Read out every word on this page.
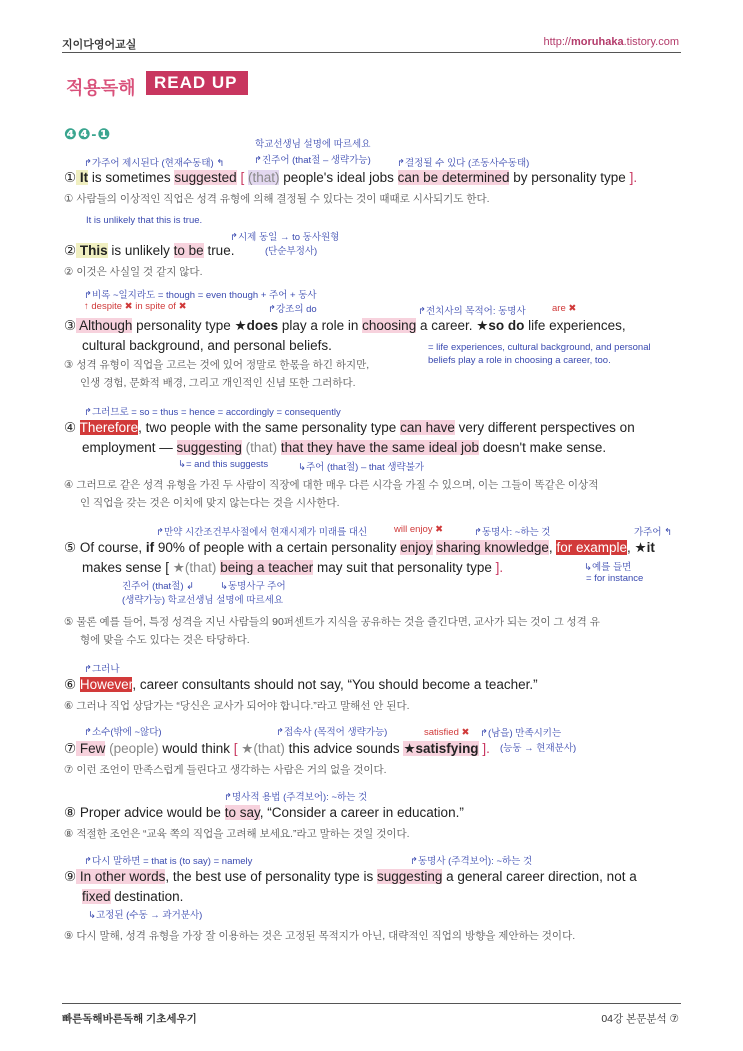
지이다영어교실	http://moruhaka.tistory.com
적용독해	READ UP
❹❹-❶
학교선생님 설명에 따르세요
↱가주어 제시된다 (현재수동태) ↰	↱진주어 (that절 – 생략가능)	↱결정될 수 있다 (조동사수동태)
① It is sometimes suggested [ (that) people's ideal jobs can be determined by personality type ].
① 사람들의 이상적인 직업은 성격 유형에 의해 결정될 수 있다는 것이 때때로 시사되기도 한다.
It is unlikely that this is true.
↱시제 동일 → to 동사원형
(단순부정사)
② This is unlikely to be true.
② 이것은 사실일 것 같지 않다.
↱비록 ~일지라도 = though = even though + 주어 + 동사
↑ despite ✖ in spite of ✖	↱강조의 do	↱전치사의 목적어: 동명사	are ✖
③ Although personality type ★does play a role in choosing a career. ★so do life experiences,
cultural background, and personal beliefs.	= life experiences, cultural background, and personal
beliefs play a role in choosing a career, too.
③ 성격 유형이 직업을 고르는 것에 있어 정말로 한몫을 하긴 하지만,
인생 경험, 문화적 배경, 그리고 개인적인 신념 또한 그러하다.
↱그러므로 = so = thus = hence = accordingly = consequently
④ Therefore, two people with the same personality type can have very different perspectives on
employment — suggesting (that) that they have the same ideal job doesn't make sense.
↳= and this suggests	↳주어 (that절) – that 생략불가
④ 그러므로 같은 성격 유형을 가진 두 사람이 직장에 대한 매우 다른 시각을 가질 수 있으며, 이는 그들이 똑같은 이상적
인 직업을 갖는 것은 이치에 맞지 않는다는 것을 시사한다.
↱만약 시간조건부사절에서 현재시제가 미래를 대신	will enjoy ✖	↱동명사: ~하는 것	가주어 ↰
⑤ Of course, if 90% of people with a certain personality enjoy sharing knowledge, for example, ★it
makes sense [ ★(that) being a teacher may suit that personality type ].	↳예를 들면
= for instance
진주어 (that절) ↲	↳동명사구 주어
(생략가능) 학교선생님 설명에 따르세요
⑤ 물론 예를 들어, 특정 성격을 지닌 사람들의 90퍼센트가 지식을 공유하는 것을 즐긴다면, 교사가 되는 것이 그 성격 유
형에 맞을 수도 있다는 것은 타당하다.
↱그러나
⑥ However, career consultants should not say, “You should become a teacher.”
⑥ 그러나 직업 상담가는 “당신은 교사가 되어야 합니다.”라고 말해선 안 된다.
↱소수(밖에 ~않다)	↱접속사 (목적어 생략가능)	satisfied ✖ ↱(남을) 만족시키는
(능동 → 현재분사)
⑦ Few (people) would think [ ★(that) this advice sounds ★satisfying ].
⑦ 이런 조언이 만족스럽게 들린다고 생각하는 사람은 거의 없을 것이다.
↱명사적 용법 (주격보어): ~하는 것
⑧ Proper advice would be to say, “Consider a career in education.”
⑧ 적절한 조언은 “교육 쪽의 직업을 고려해 보세요.”라고 말하는 것일 것이다.
↱다시 말하면 = that is (to say) = namely	↱동명사 (주격보어): ~하는 것
⑨ In other words, the best use of personality type is suggesting a general career direction, not a
fixed destination.
↳고정된 (수동 → 과거분사)
⑨ 다시 말해, 성격 유형을 가장 잘 이용하는 것은 고정된 목적지가 아닌, 대략적인 직업의 방향을 제안하는 것이다.
빠른독해바른독해 기초세우기	04강 본문분석 ⑦
